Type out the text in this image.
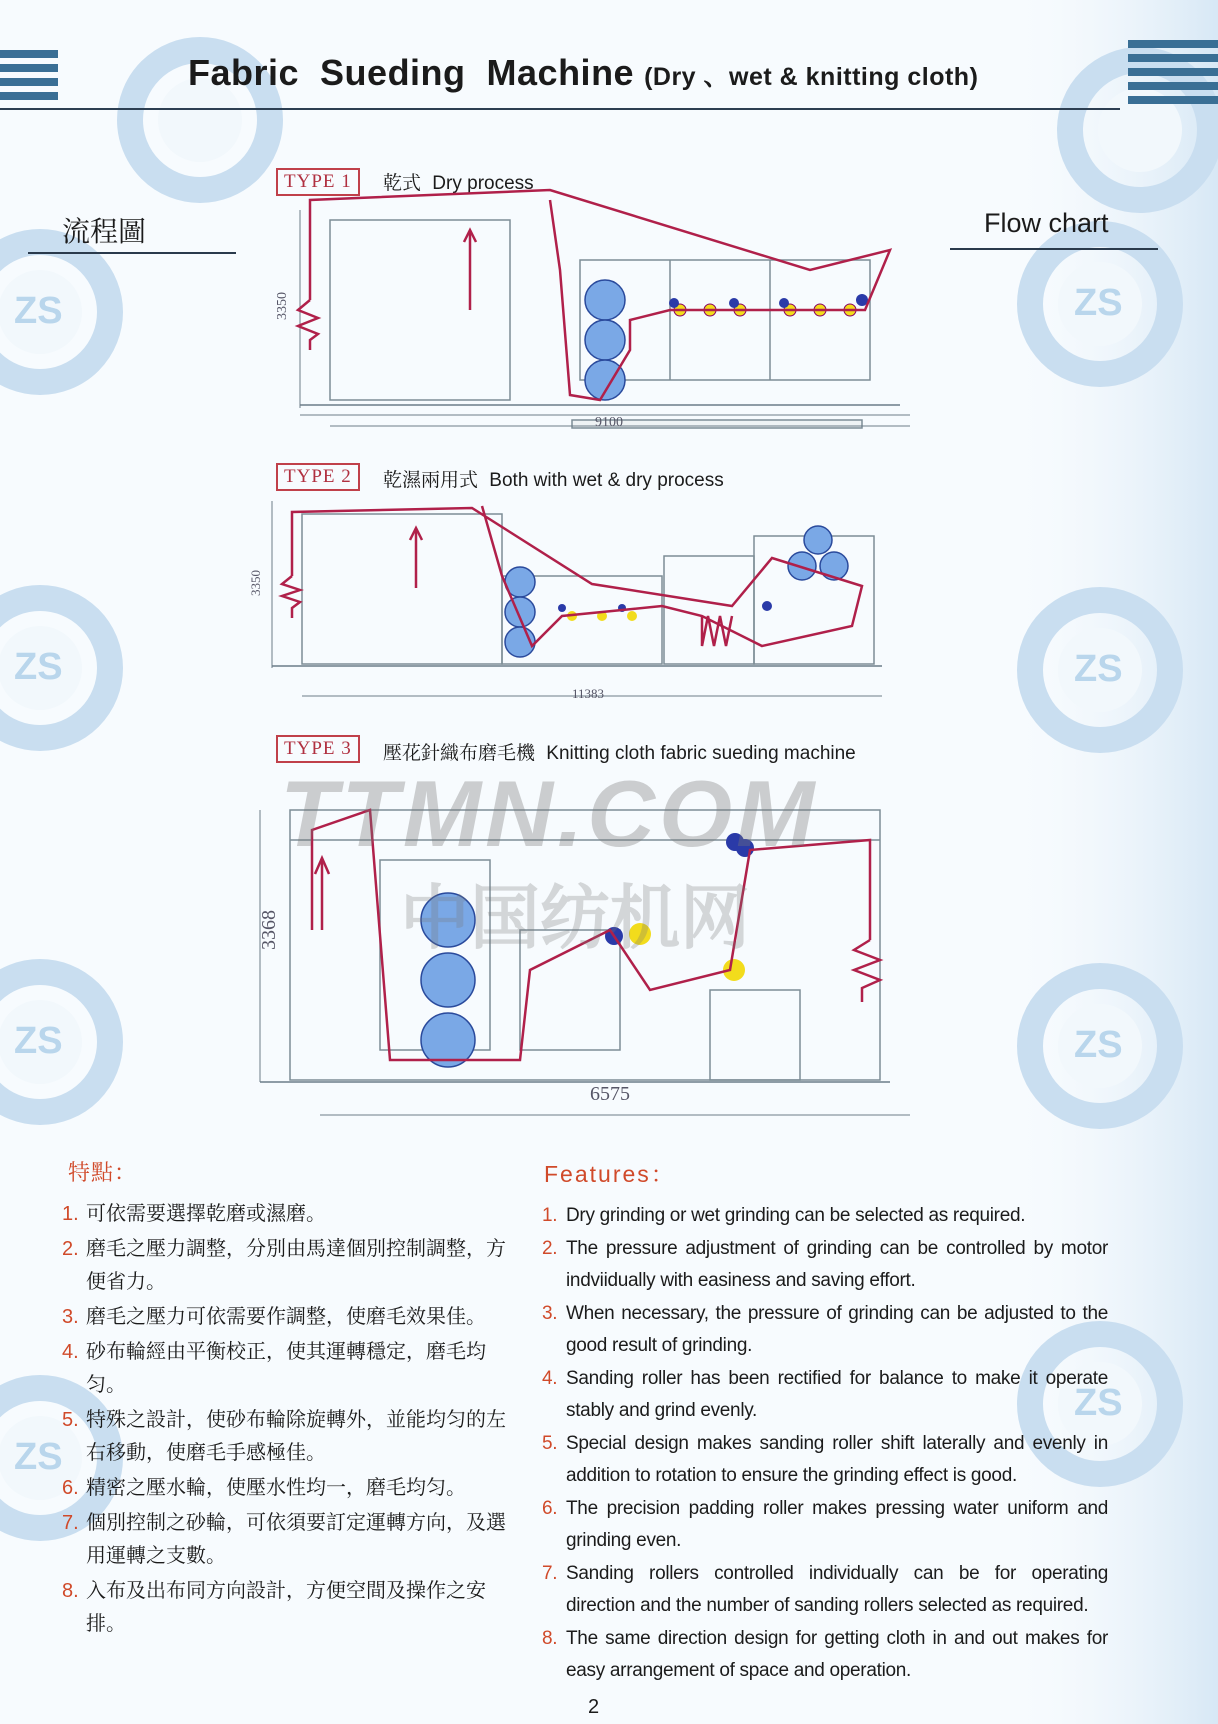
ZS
ZS
ZS
ZS
ZS
ZS
ZS
ZS
Fabric  Sueding  Machine (Dry 、wet & knitting cloth)
流程圖	Flow chart
TYPE 1	乾式 Dry process
3350
9100
TYPE 2	乾濕兩用式 Both with wet & dry process
3350
11383
TYPE 3	壓花針織布磨毛機 Knitting cloth fabric sueding machine
3368
6575
TTMN.COM
中国纺机网
特點：
1. 可依需要選擇乾磨或濕磨。
2. 磨毛之壓力調整，分別由馬達個別控制調整，方便省力。
3. 磨毛之壓力可依需要作調整，使磨毛效果佳。
4. 砂布輪經由平衡校正，使其運轉穩定，磨毛均匀。
5. 特殊之設計，使砂布輪除旋轉外，並能均匀的左右移動，使磨毛手感極佳。
6. 精密之壓水輪，使壓水性均一，磨毛均匀。
7. 個別控制之砂輪，可依須要訂定運轉方向，及選用運轉之支數。
8. 入布及出布同方向設計，方便空間及操作之安排。
Features：
1. Dry grinding or wet grinding can be selected as required.
2. The pressure adjustment of grinding can be controlled by motor indviidually with easiness and saving effort.
3. When necessary, the pressure of grinding can be adjusted to the good result of grinding.
4. Sanding roller has been rectified for balance to make it operate stably and grind evenly.
5. Special design makes sanding roller shift laterally and evenly in addition to rotation to ensure the grinding effect is good.
6. The precision padding roller makes pressing water uniform and grinding even.
7. Sanding rollers controlled individually can be for operating direction and the number of sanding rollers selected as required.
8. The same direction design for getting cloth in and out makes for easy arrangement of space and operation.
2
